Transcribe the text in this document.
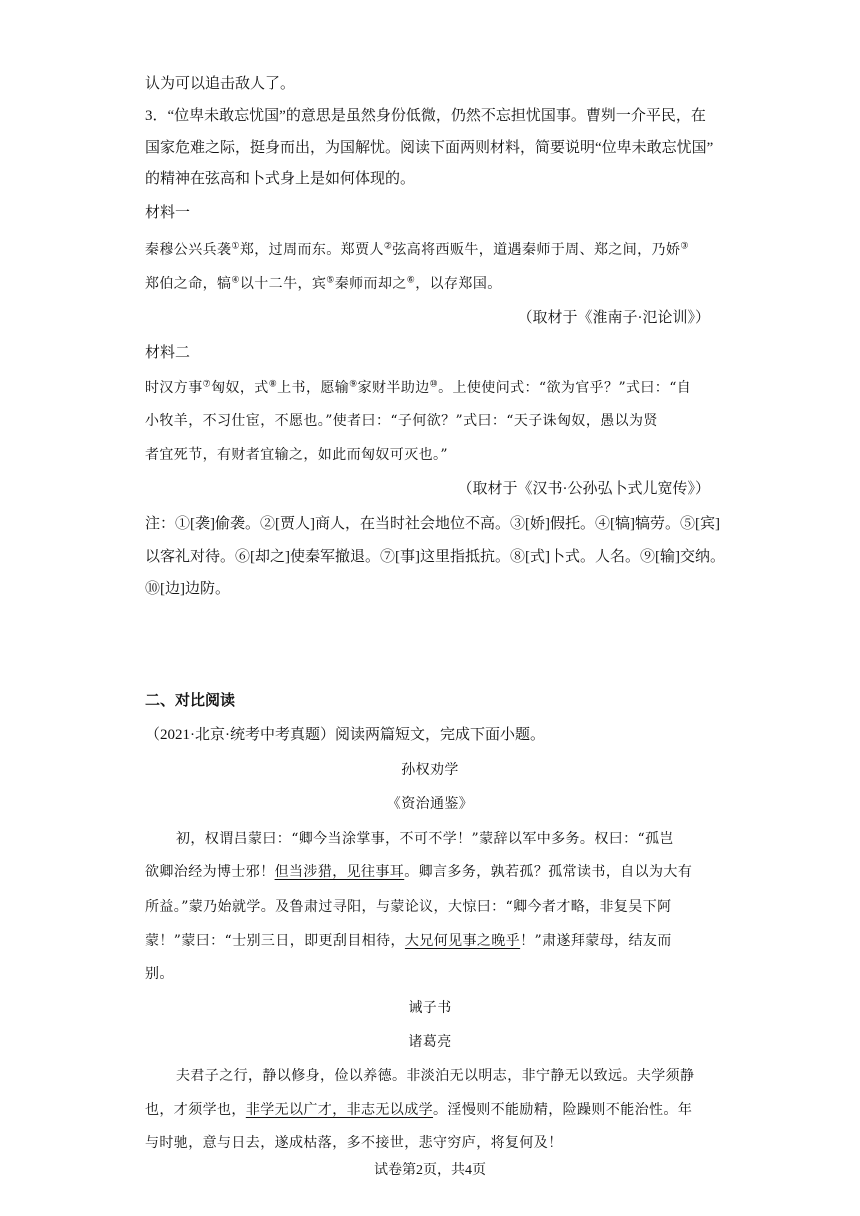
认为可以追击敌人了。
3．“位卑未敢忘忧国”的意思是虽然身份低微，仍然不忘担忧国事。曹刿一介平民，在
国家危难之际，挺身而出，为国解忧。阅读下面两则材料，简要说明“位卑未敢忘忧国”
的精神在弦高和卜式身上是如何体现的。
材料一
秦穆公兴兵袭①郑，过周而东。郑贾人②弦高将西贩牛，道遇秦师于周、郑之间，乃娇③
郑伯之命，犒④以十二牛，宾⑤秦师而却之⑥，以存郑国。
（取材于《淮南子·氾论训》）
材料二
时汉方事⑦匈奴，式⑧上书，愿输⑨家财半助边⑩。上使使问式：“欲为官乎？”式曰：“自
小牧羊，不习仕宦，不愿也。”使者曰：“子何欲？”式曰：“天子诛匈奴，愚以为贤
者宜死节，有财者宜输之，如此而匈奴可灭也。”
（取材于《汉书·公孙弘卜式儿宽传》）
注：①[袭]偷袭。②[贾人]商人，在当时社会地位不高。③[娇]假托。④[犒]犒劳。⑤[宾]
以客礼对待。⑥[却之]使秦军撤退。⑦[事]这里指抵抗。⑧[式]卜式。人名。⑨[输]交纳。
⑩[边]边防。
二、对比阅读
（2021·北京·统考中考真题）阅读两篇短文，完成下面小题。
孙权劝学
《资治通鉴》
初，权谓吕蒙曰：“卿今当涂掌事，不可不学！”蒙辞以军中多务。权曰：“孤岂
欲卿治经为博士邪！但当涉猎，见往事耳。卿言多务，孰若孤？孤常读书，自以为大有
所益。”蒙乃始就学。及鲁肃过寻阳，与蒙论议，大惊曰：“卿今者才略，非复吴下阿
蒙！”蒙曰：“士别三日，即更刮目相待，大兄何见事之晚乎！”肃遂拜蒙母，结友而
别。
诫子书
诸葛亮
夫君子之行，静以修身，俭以养德。非淡泊无以明志，非宁静无以致远。夫学须静
也，才须学也，非学无以广才，非志无以成学。淫慢则不能励精，险躁则不能治性。年
与时驰，意与日去，遂成枯落，多不接世，悲守穷庐，将复何及！
试卷第2页，共4页
